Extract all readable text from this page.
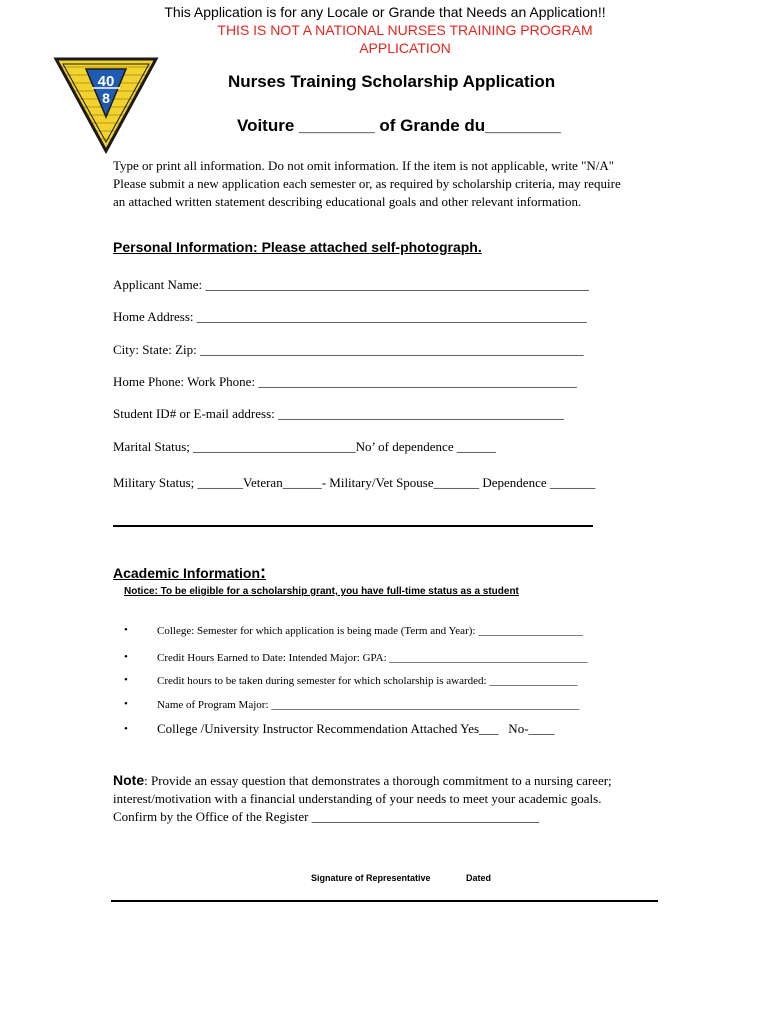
This Application is for any Locale or Grande that Needs an Application!!
THIS IS NOT A NATIONAL NURSES TRAINING PROGRAM
APPLICATION
40
8
Nurses Training Scholarship Application
Voiture ________ of Grande du________
Type or print all information. Do not omit information. If the item is not applicable, write "N/A"
Please submit a new application each semester or, as required by scholarship criteria, may require
an attached written statement describing educational goals and other relevant information.
Personal Information: Please attached self-photograph.
Applicant Name: ___________________________________________________________
Home Address: ____________________________________________________________
City: State: Zip: ___________________________________________________________
Home Phone: Work Phone: _________________________________________________
Student ID# or E-mail address: ____________________________________________
Marital Status; _________________________No’ of dependence ______
Military Status; _______Veteran______- Military/Vet Spouse_______ Dependence _______
Academic Information:
Notice: To be eligible for a scholarship grant, you have full-time status as a student
•	College: Semester for which application is being made (Term and Year): ___________________
•	Credit Hours Earned to Date: Intended Major: GPA: ____________________________________
•	Credit hours to be taken during semester for which scholarship is awarded: ________________
•	Name of Program Major: ________________________________________________________
• College /University Instructor Recommendation Attached Yes___   No-____
Note: Provide an essay question that demonstrates a thorough commitment to a nursing career;
interest/motivation with a financial understanding of your needs to meet your academic goals.
Confirm by the Office of the Register ___________________________________
Signature of Representative	Dated
